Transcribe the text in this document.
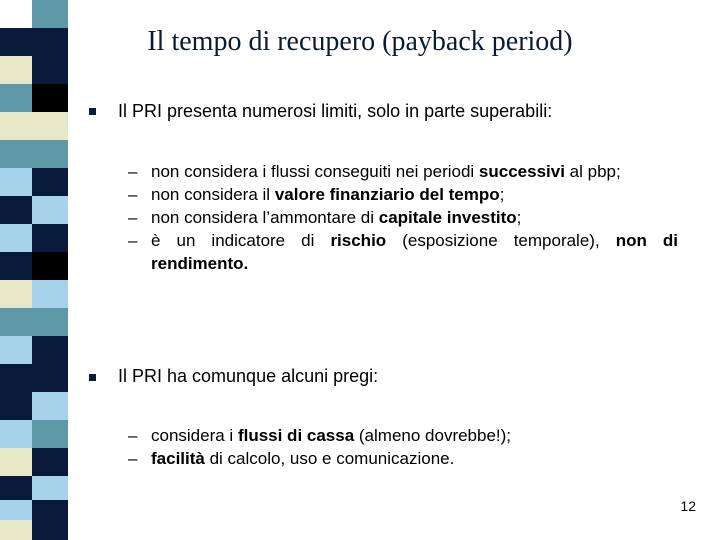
Il tempo di recupero (payback period)
Il PRI presenta numerosi limiti, solo in parte superabili:
– non considera i flussi conseguiti nei periodi successivi al pbp;
– non considera il valore finanziario del tempo;
– non considera l’ammontare di capitale investito;
– è un indicatore di rischio (esposizione temporale), non di rendimento.
Il PRI ha comunque alcuni pregi:
– considera i flussi di cassa (almeno dovrebbe!);
– facilità di calcolo, uso e comunicazione.
12
